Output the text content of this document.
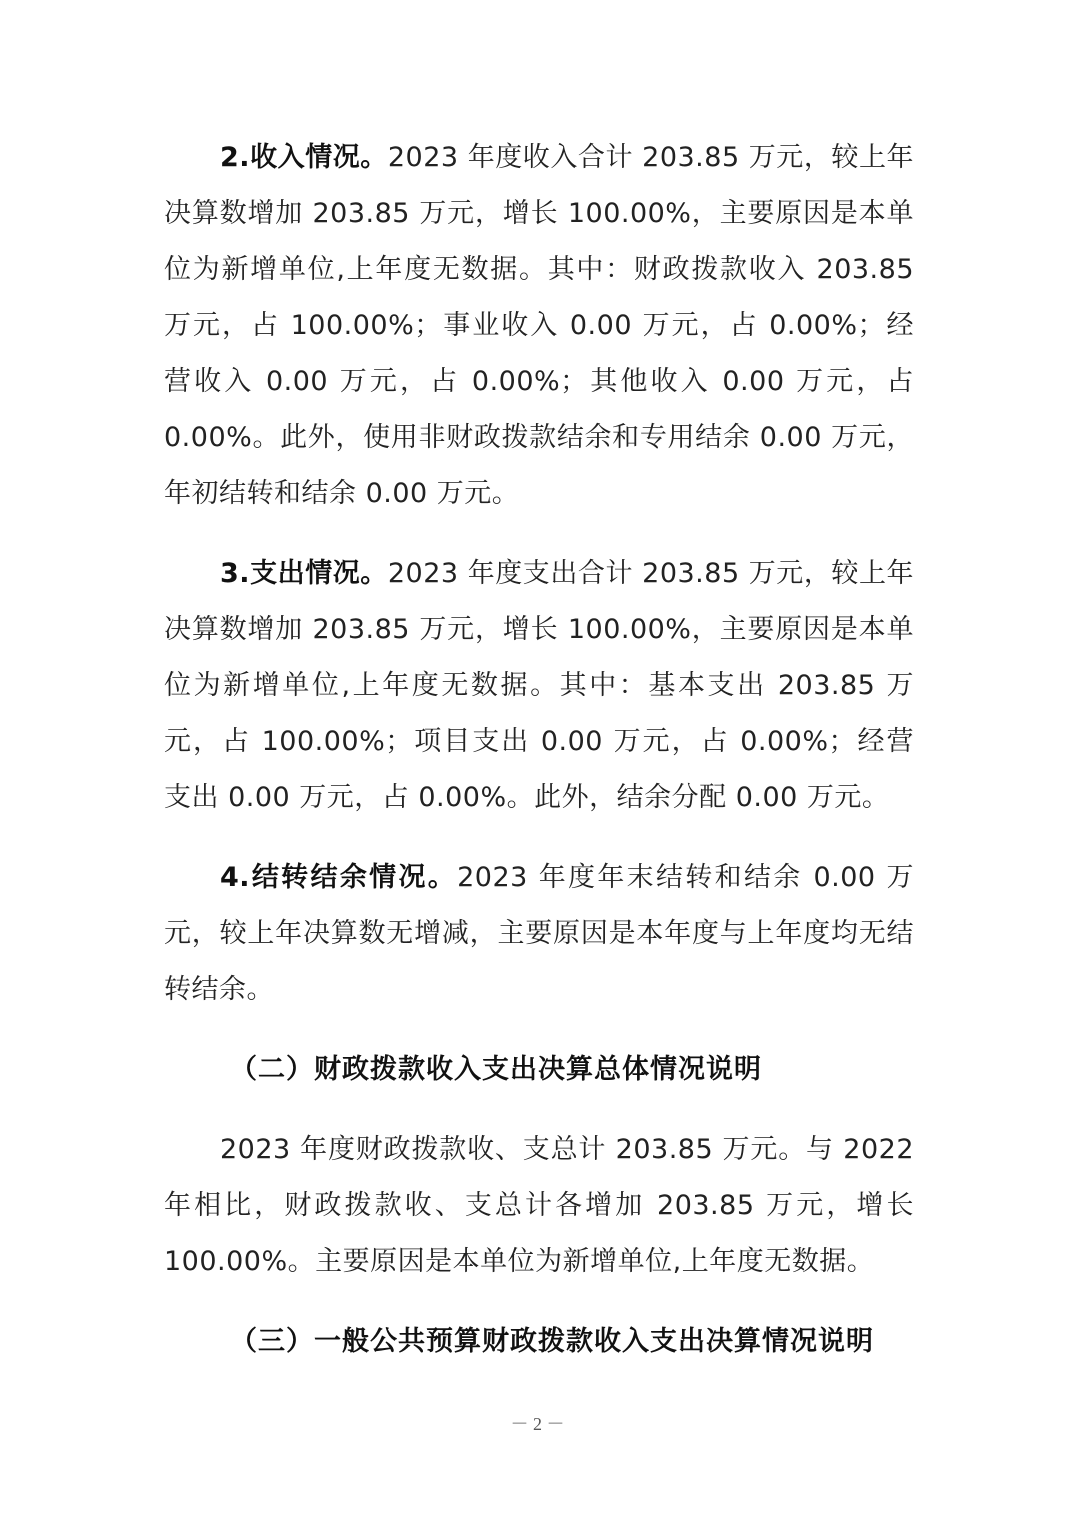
2.收入情况。2023 年度收入合计 203.85 万元，较上年决算数增加 203.85 万元，增长 100.00%，主要原因是本单位为新增单位,上年度无数据。其中：财政拨款收入 203.85 万元，占 100.00%；事业收入 0.00 万元，占 0.00%；经营收入 0.00 万元，占 0.00%；其他收入 0.00 万元，占 0.00%。此外，使用非财政拨款结余和专用结余 0.00 万元，年初结转和结余 0.00 万元。

3.支出情况。2023 年度支出合计 203.85 万元，较上年决算数增加 203.85 万元，增长 100.00%，主要原因是本单位为新增单位,上年度无数据。其中：基本支出 203.85 万元，占 100.00%；项目支出 0.00 万元，占 0.00%；经营支出 0.00 万元，占 0.00%。此外，结余分配 0.00 万元。

4.结转结余情况。2023 年度年末结转和结余 0.00 万元，较上年决算数无增减，主要原因是本年度与上年度均无结转结余。

（二）财政拨款收入支出决算总体情况说明

2023 年度财政拨款收、支总计 203.85 万元。与 2022 年相比，财政拨款收、支总计各增加 203.85 万元，增长 100.00%。主要原因是本单位为新增单位,上年度无数据。

（三）一般公共预算财政拨款收入支出决算情况说明
－ 2 －
